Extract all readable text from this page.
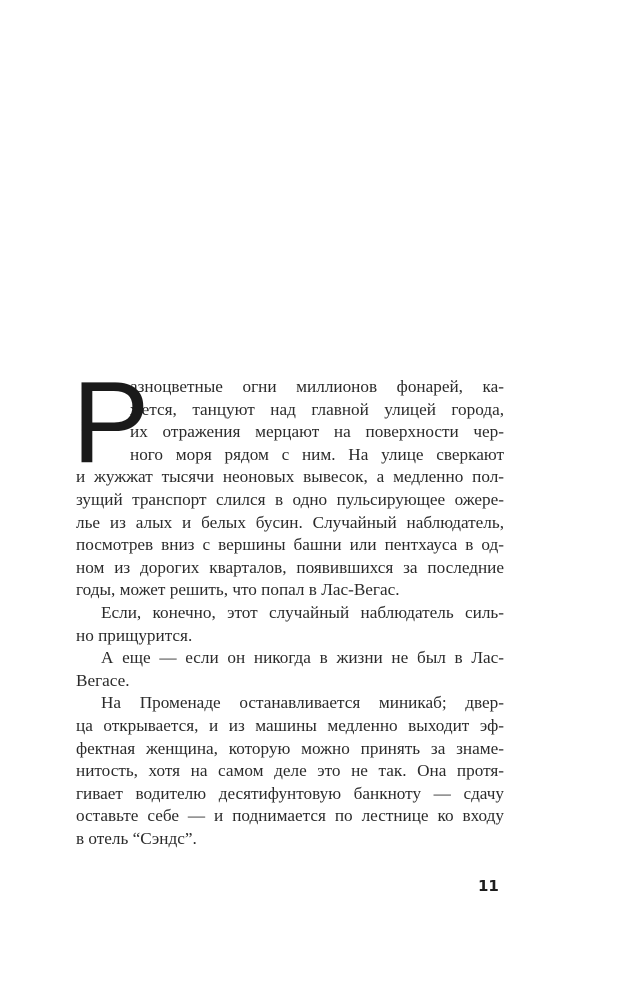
Р
азноцветные огни миллионов фонарей, ка-
жется, танцуют над главной улицей города,
их отражения мерцают на поверхности чер-
ного моря рядом с ним. На улице сверкают
и жужжат тысячи неоновых вывесок, а медленно пол-
зущий транспорт слился в одно пульсирующее ожере-
лье из алых и белых бусин. Случайный наблюдатель,
посмотрев вниз с вершины башни или пентхауса в од-
ном из дорогих кварталов, появившихся за последние
годы, может решить, что попал в Лас-Вегас.
Если, конечно, этот случайный наблюдатель силь-
но прищурится.
А еще — если он никогда в жизни не был в Лас-
Вегасе.
На Променаде останавливается миникаб; двер-
ца открывается, и из машины медленно выходит эф-
фектная женщина, которую можно принять за знаме-
нитость, хотя на самом деле это не так. Она протя-
гивает водителю десятифунтовую банкноту — сдачу
оставьте себе — и поднимается по лестнице ко входу
в отель “Сэндс”.
11
